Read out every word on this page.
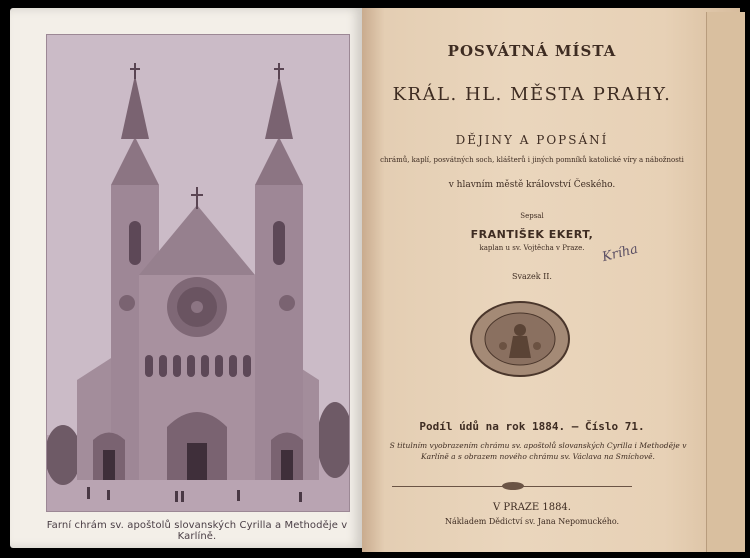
Farní chrám sv. apoštolů slovanských Cyrilla a Methoděje v Karlíně.
POSVÁTNÁ MÍSTA
KRÁL. HL. MĚSTA PRAHY.
DĚJINY A POPSÁNÍ
chrámů, kaplí, posvátných soch, klášterů i jiných pomníků katolické víry a nábožnosti
v hlavním městě království Českého.
Sepsal
FRANTIŠEK EKERT,
kaplan u sv. Vojtěcha v Praze.
Svazek II.
Podíl údů na rok 1884. – Číslo 71.
S titulním vyobrazením chrámu sv. apoštolů slovanských Cyrilla i Methoděje v Karlíně a s obrazem nového chrámu sv. Václava na Smíchově.
V PRAZE 1884.
Nákladem Dědictví sv. Jana Nepomuckého.
Kríha
